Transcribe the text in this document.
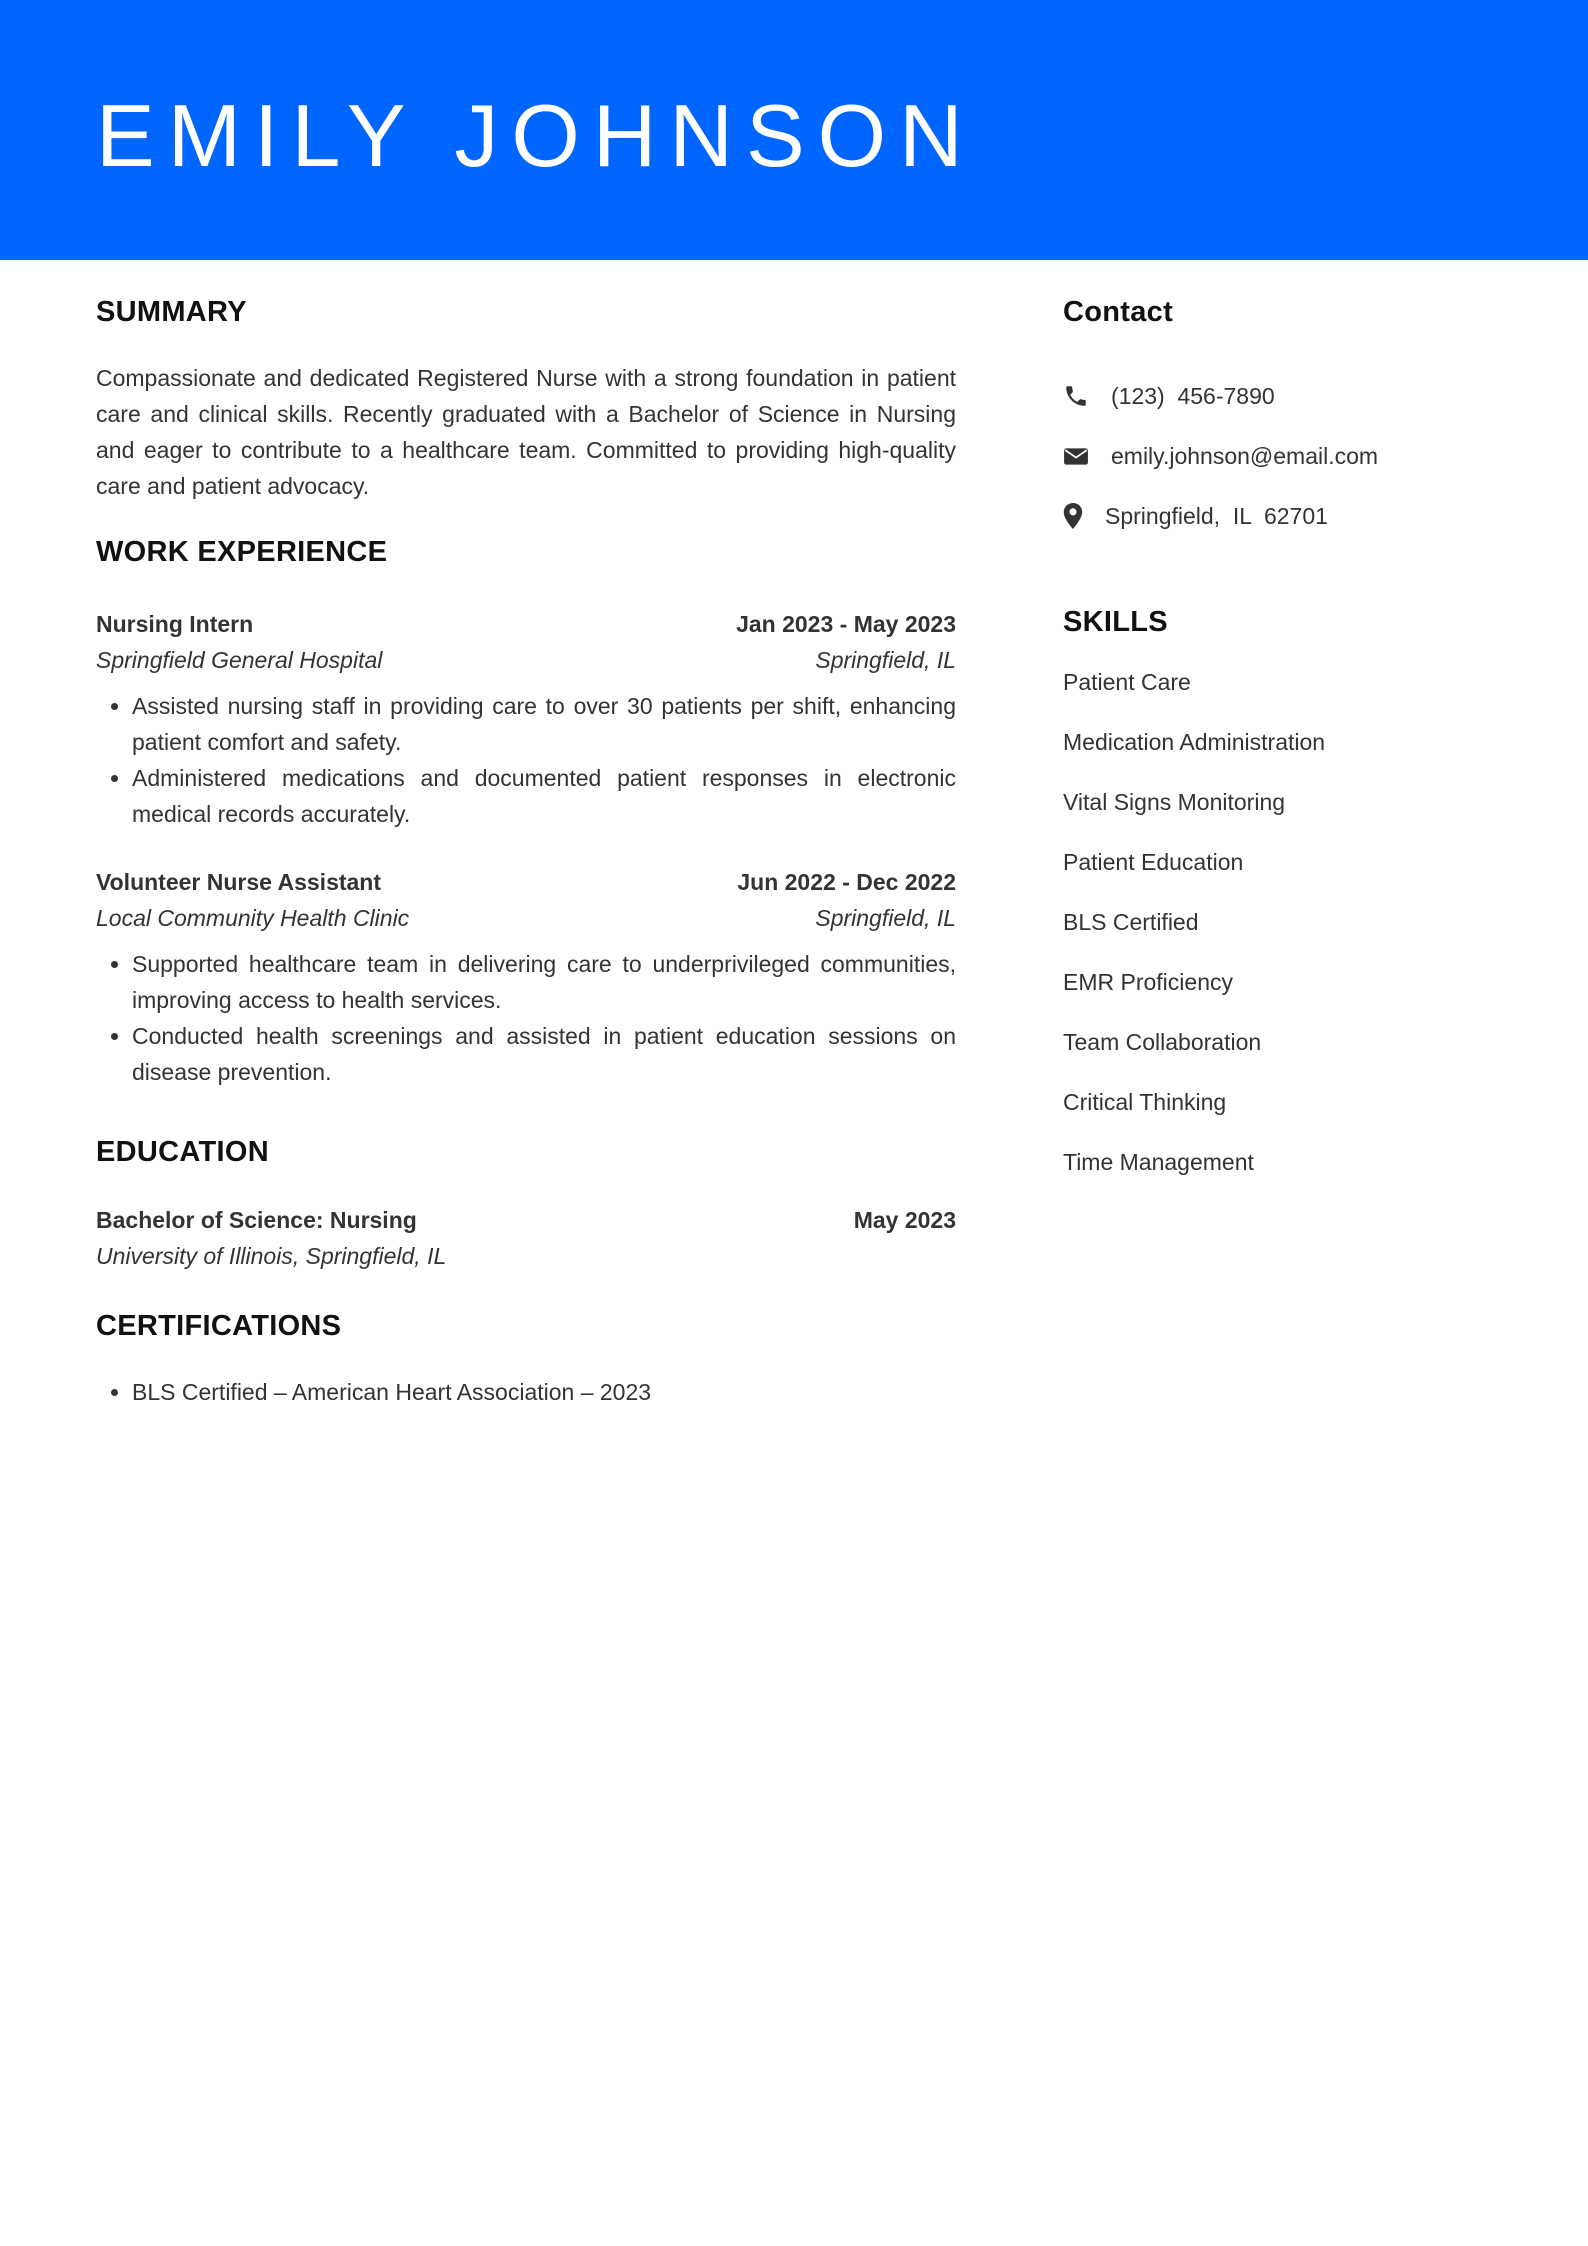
EMILY JOHNSON
SUMMARY

Compassionate and dedicated Registered Nurse with a strong foundation in patient care and clinical skills. Recently graduated with a Bachelor of Science in Nursing and eager to contribute to a healthcare team. Committed to providing high-quality care and patient advocacy.

WORK EXPERIENCE
Nursing Intern	Jan 2023 - May 2023
Springfield General Hospital	Springfield, IL
• Assisted nursing staff in providing care to over 30 patients per shift, enhancing patient comfort and safety.
• Administered medications and documented patient responses in electronic medical records accurately.
Volunteer Nurse Assistant	Jun 2022 - Dec 2022
Local Community Health Clinic	Springfield, IL
• Supported healthcare team in delivering care to underprivileged communities, improving access to health services.
• Conducted health screenings and assisted in patient education sessions on disease prevention.
EDUCATION
Bachelor of Science: Nursing	May 2023
University of Illinois, Springfield, IL
CERTIFICATIONS
• BLS Certified – American Heart Association – 2023
Contact
(123)  456-7890
emily.johnson@email.com
Springfield,  IL  62701
SKILLS
Patient Care
Medication Administration
Vital Signs Monitoring
Patient Education
BLS Certified
EMR Proficiency
Team Collaboration
Critical Thinking
Time Management
